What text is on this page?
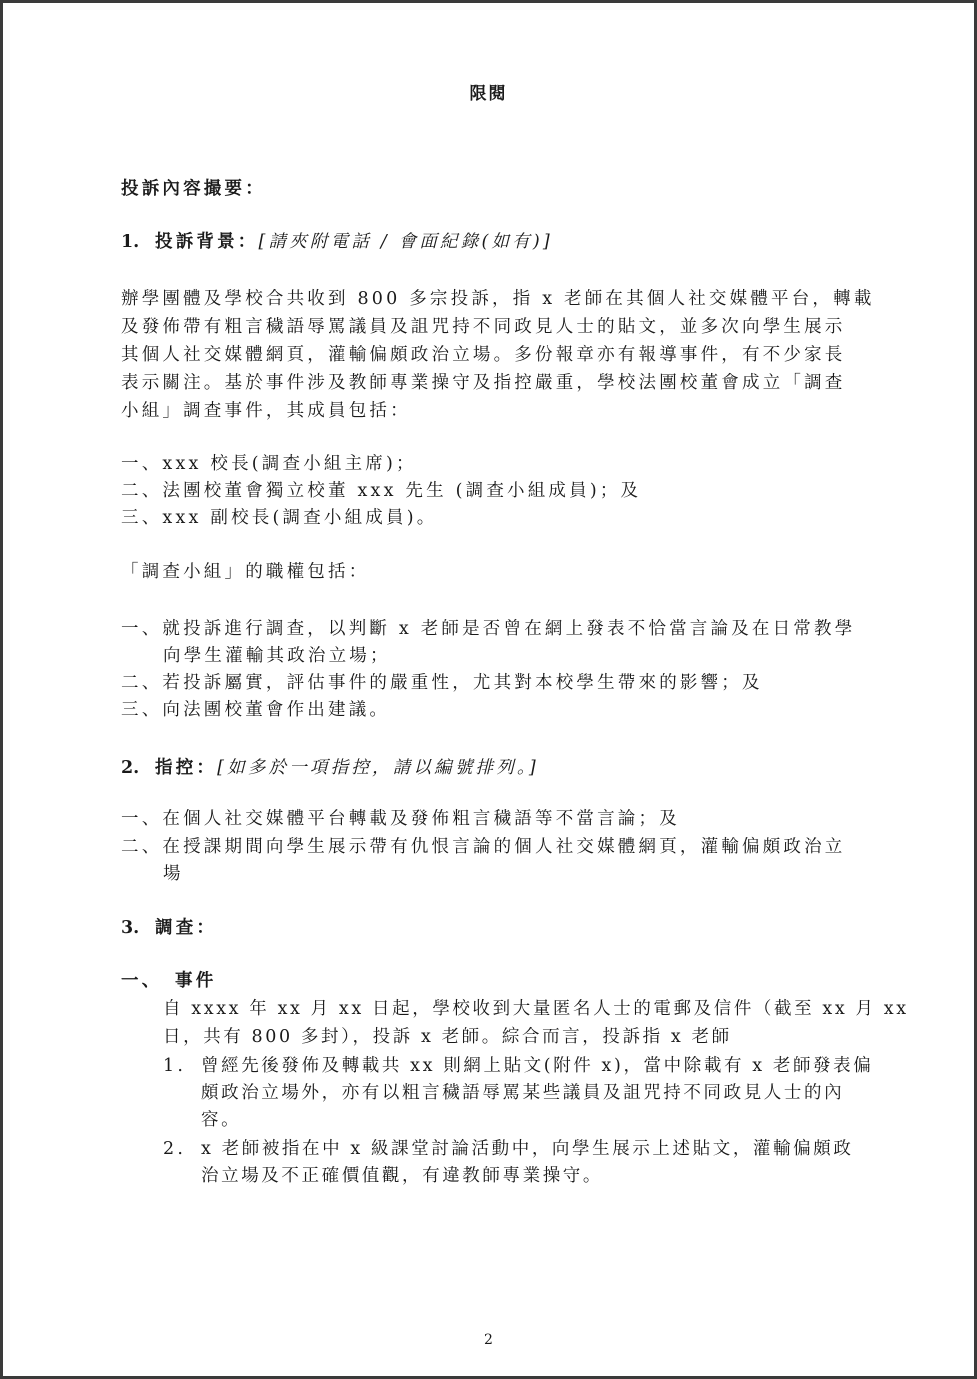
限閱
投訴內容撮要：
1. 投訴背景：[請夾附電話 / 會面紀錄(如有)]
辦學團體及學校合共收到 800 多宗投訴，指 x 老師在其個人社交媒體平台，轉載
及發佈帶有粗言穢語辱罵議員及詛咒持不同政見人士的貼文，並多次向學生展示
其個人社交媒體網頁，灌輸偏頗政治立場。多份報章亦有報導事件，有不少家長
表示關注。基於事件涉及教師專業操守及指控嚴重，學校法團校董會成立「調查
小組」調查事件，其成員包括：
一、xxx 校長(調查小組主席)；
二、法團校董會獨立校董 xxx 先生 (調查小組成員)；及
三、xxx 副校長(調查小組成員)。
「調查小組」的職權包括：
一、就投訴進行調查，以判斷 x 老師是否曾在網上發表不恰當言論及在日常教學
向學生灌輸其政治立場；
二、若投訴屬實，評估事件的嚴重性，尤其對本校學生帶來的影響；及
三、向法團校董會作出建議。
2. 指控：[如多於一項指控，請以編號排列。]
一、在個人社交媒體平台轉載及發佈粗言穢語等不當言論；及
二、在授課期間向學生展示帶有仇恨言論的個人社交媒體網頁，灌輸偏頗政治立
場
3. 調查：
一、 事件
自 xxxx 年 xx 月 xx 日起，學校收到大量匿名人士的電郵及信件（截至 xx 月 xx
日，共有 800 多封），投訴 x 老師。綜合而言，投訴指 x 老師
1. 曾經先後發佈及轉載共 xx 則網上貼文(附件 x)，當中除載有 x 老師發表偏
頗政治立場外，亦有以粗言穢語辱罵某些議員及詛咒持不同政見人士的內
容。
2. x 老師被指在中 x 級課堂討論活動中，向學生展示上述貼文，灌輸偏頗政
治立場及不正確價值觀，有違教師專業操守。
2
